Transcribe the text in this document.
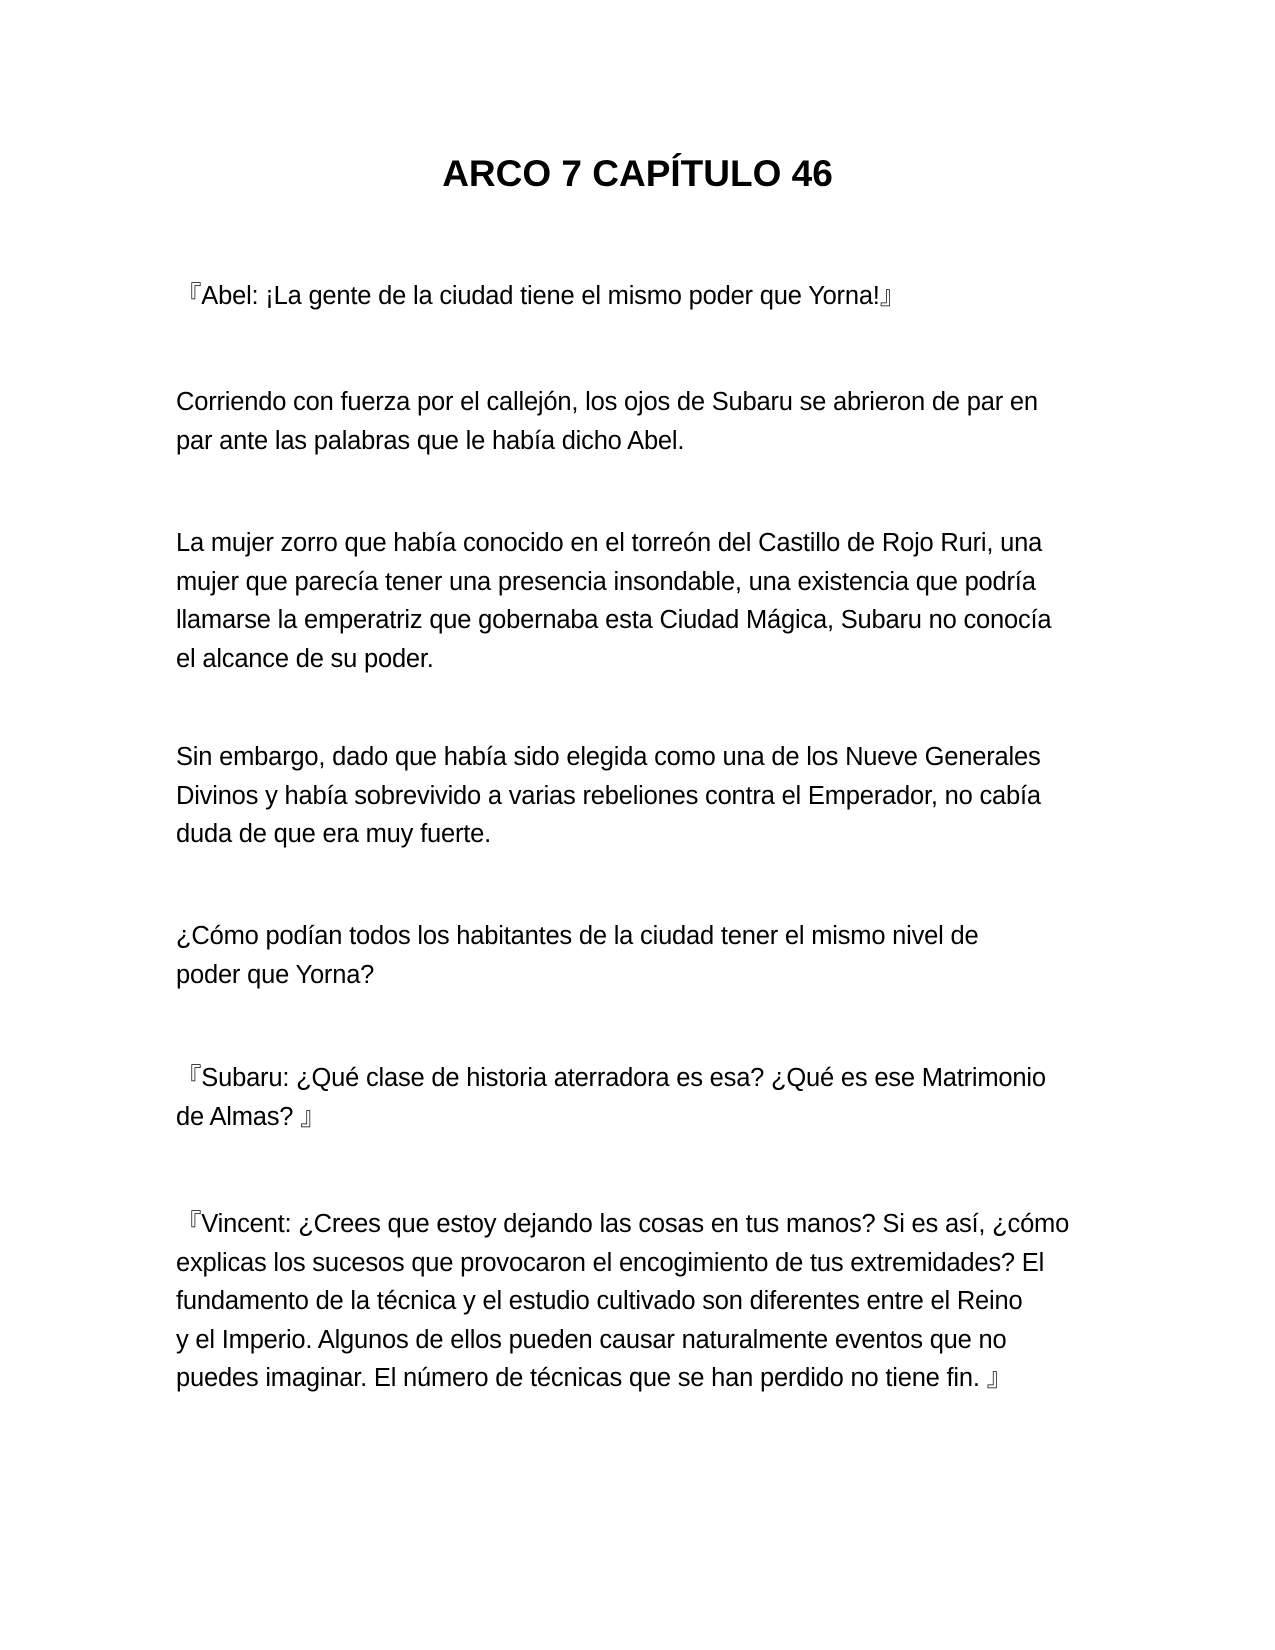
ARCO 7 CAPÍTULO 46

『Abel: ¡La gente de la ciudad tiene el mismo poder que Yorna!』

Corriendo con fuerza por el callejón, los ojos de Subaru se abrieron de par en
par ante las palabras que le había dicho Abel.

La mujer zorro que había conocido en el torreón del Castillo de Rojo Ruri, una
mujer que parecía tener una presencia insondable, una existencia que podría
llamarse la emperatriz que gobernaba esta Ciudad Mágica, Subaru no conocía
el alcance de su poder.

Sin embargo, dado que había sido elegida como una de los Nueve Generales
Divinos y había sobrevivido a varias rebeliones contra el Emperador, no cabía
duda de que era muy fuerte.

¿Cómo podían todos los habitantes de la ciudad tener el mismo nivel de
poder que Yorna?

『Subaru: ¿Qué clase de historia aterradora es esa? ¿Qué es ese Matrimonio
de Almas? 』

『Vincent: ¿Crees que estoy dejando las cosas en tus manos? Si es así, ¿cómo
explicas los sucesos que provocaron el encogimiento de tus extremidades? El
fundamento de la técnica y el estudio cultivado son diferentes entre el Reino
y el Imperio. Algunos de ellos pueden causar naturalmente eventos que no
puedes imaginar. El número de técnicas que se han perdido no tiene fin. 』
